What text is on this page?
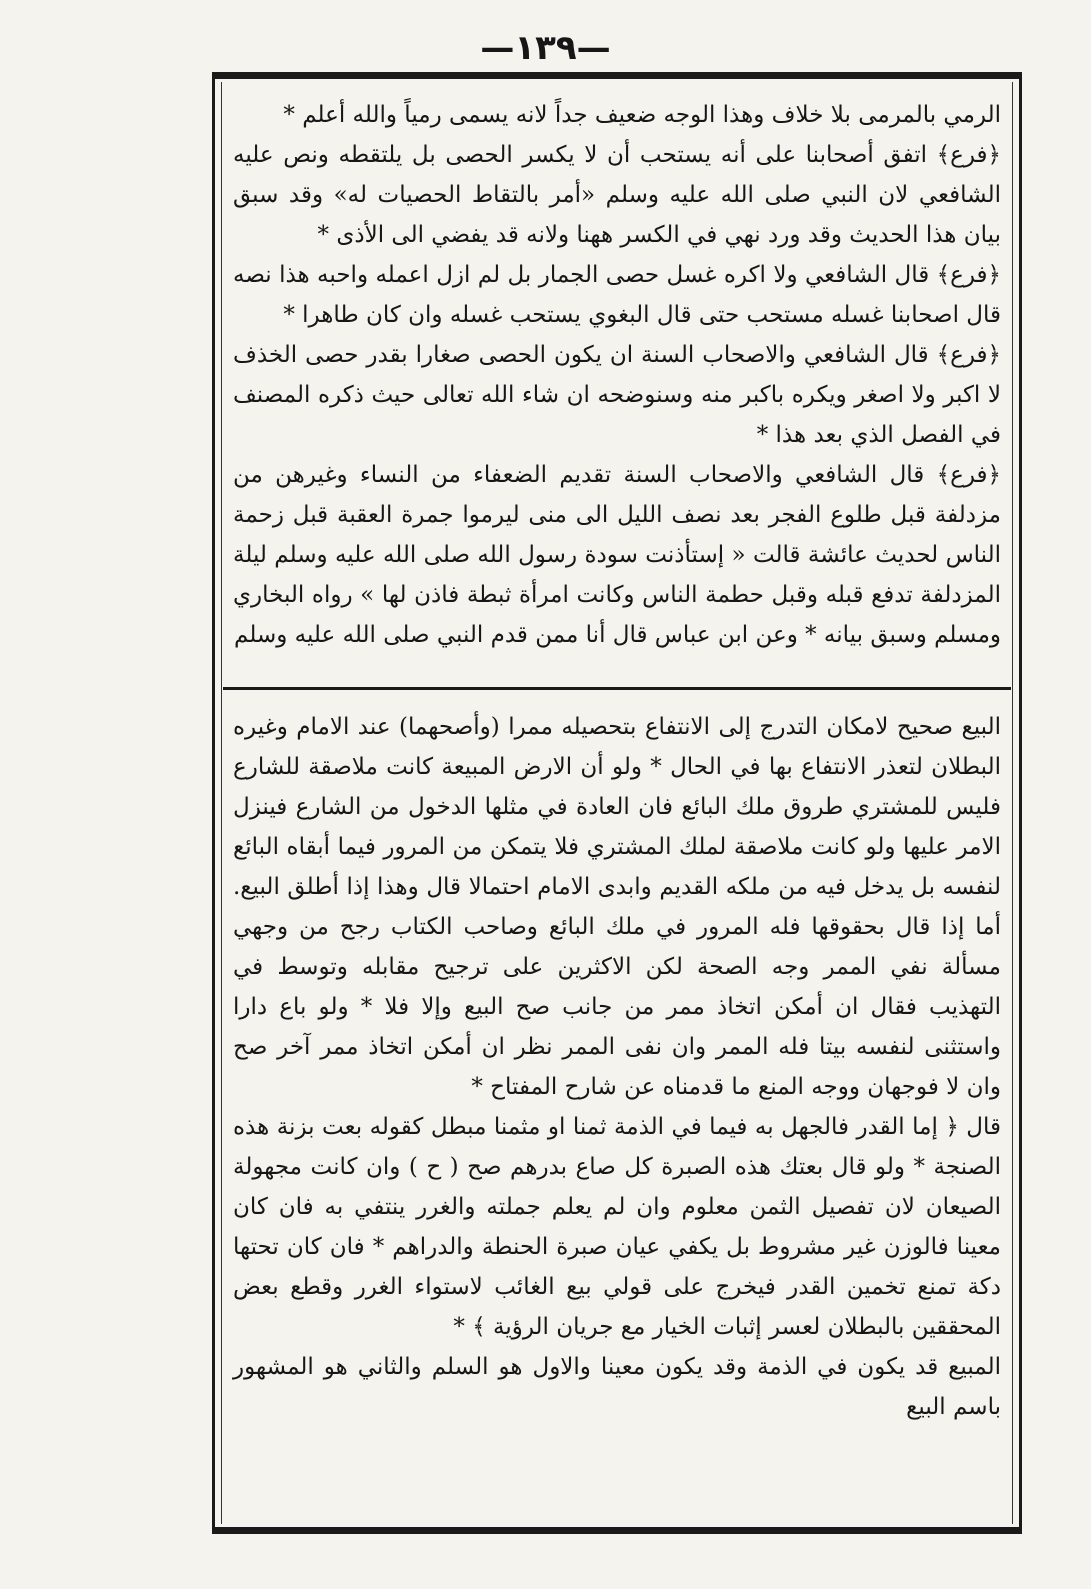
—١٣٩—

الرمي بالمرمى بلا خلاف وهذا الوجه ضعيف جداً لانه يسمى رمياً والله أعلم *

﴿فرع﴾ اتفق أصحابنا على أنه يستحب أن لا يكسر الحصى بل يلتقطه ونص عليه الشافعي لان النبي صلى الله عليه وسلم «أمر بالتقاط الحصيات له» وقد سبق بيان هذا الحديث وقد ورد نهي في الكسر ههنا ولانه قد يفضي الى الأذى *

﴿فرع﴾ قال الشافعي ولا اكره غسل حصى الجمار بل لم ازل اعمله واحبه هذا نصه قال اصحابنا غسله مستحب حتى قال البغوي يستحب غسله وان كان طاهرا *

﴿فرع﴾ قال الشافعي والاصحاب السنة ان يكون الحصى صغارا بقدر حصى الخذف لا اكبر ولا اصغر ويكره باكبر منه وسنوضحه ان شاء الله تعالى حيث ذكره المصنف في الفصل الذي بعد هذا *

﴿فرع﴾ قال الشافعي والاصحاب السنة تقديم الضعفاء من النساء وغيرهن من مزدلفة قبل طلوع الفجر بعد نصف الليل الى منى ليرموا جمرة العقبة قبل زحمة الناس لحديث عائشة قالت « إستأذنت سودة رسول الله صلى الله عليه وسلم ليلة المزدلفة تدفع قبله وقبل حطمة الناس وكانت امرأة ثبطة فاذن لها » رواه البخاري ومسلم وسبق بيانه * وعن ابن عباس قال أنا ممن قدم النبي صلى الله عليه وسلم

البيع صحيح لامكان التدرج إلى الانتفاع بتحصيله ممرا (وأصحهما) عند الامام وغيره البطلان لتعذر الانتفاع بها في الحال * ولو أن الارض المبيعة كانت ملاصقة للشارع فليس للمشتري طروق ملك البائع فان العادة في مثلها الدخول من الشارع فينزل الامر عليها ولو كانت ملاصقة لملك المشتري فلا يتمكن من المرور فيما أبقاه البائع لنفسه بل يدخل فيه من ملكه القديم وابدى الامام احتمالا قال وهذا إذا أطلق البيع. أما إذا قال بحقوقها فله المرور في ملك البائع وصاحب الكتاب رجح من وجهي مسألة نفي الممر وجه الصحة لكن الاكثرين على ترجيح مقابله وتوسط في التهذيب فقال ان أمكن اتخاذ ممر من جانب صح البيع وإلا فلا * ولو باع دارا واستثنى لنفسه بيتا فله الممر وان نفى الممر نظر ان أمكن اتخاذ ممر آخر صح وان لا فوجهان ووجه المنع ما قدمناه عن شارح المفتاح *

قال ﴿ إما القدر فالجهل به فيما في الذمة ثمنا او مثمنا مبطل كقوله بعت بزنة هذه الصنجة * ولو قال بعتك هذه الصبرة كل صاع بدرهم صح ( ح ) وان كانت مجهولة الصيعان لان تفصيل الثمن معلوم وان لم يعلم جملته والغرر ينتفي به فان كان معينا فالوزن غير مشروط بل يكفي عيان صبرة الحنطة والدراهم * فان كان تحتها دكة تمنع تخمين القدر فيخرج على قولي بيع الغائب لاستواء الغرر وقطع بعض المحققين بالبطلان لعسر إثبات الخيار مع جريان الرؤية ﴾ *

المبيع قد يكون في الذمة وقد يكون معينا والاول هو السلم والثاني هو المشهور باسم البيع
